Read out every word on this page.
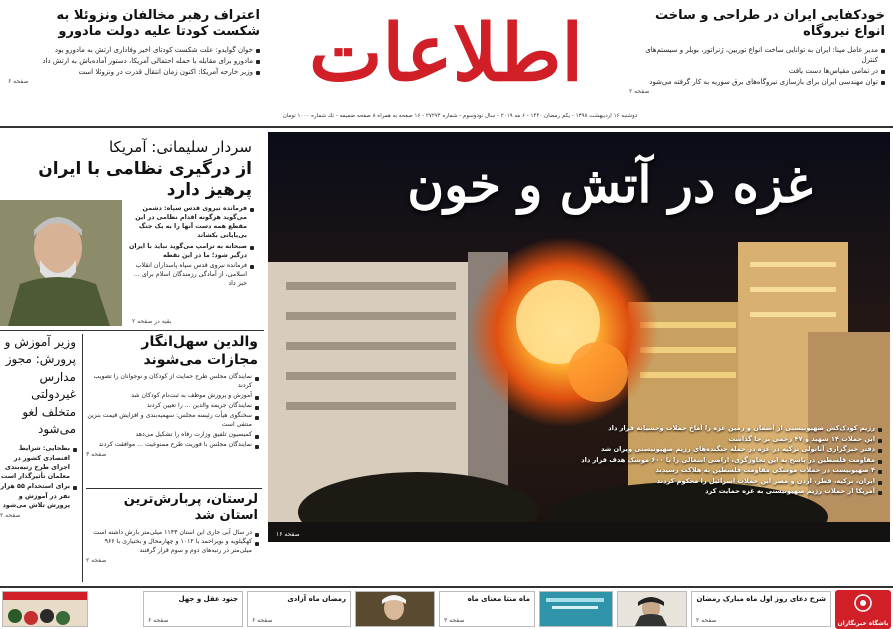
خودکفایی ایران در طراحی و ساخت انواع نیروگاه
مدیر عامل مپنا: ایران به توانایی ساخت انواع توربین، ژنراتور، بویلر و سیستم‌های کنترل
در تمامی مقیاس‌ها دست یافت
توان مهندسی ایران برای بازسازی نیروگاه‌های برق سوریه به کار گرفته می‌شود
صفحه ۲
اطلاعات
اعتراف رهبر مخالفان ونزوئلا به شکست کودتا علیه دولت مادورو
خوان گوایدو: علت شکست کودتای اخیر وفاداری ارتش به مادورو بود
مادورو برای مقابله با حمله احتمالی آمریکا، دستور آماده‌باش به ارتش داد
وزیر خارجه آمریکا: اکنون زمان انتقال قدرت در ونزوئلا است
صفحه ۶
دوشنبه ۱۶ اردیبهشت ۱۳۹۸ - یکم رمضان ۱۴۴۰ - ۶ مه ۲۰۱۹ - سال نودوسوم - شماره ۲۷۲۷۴ - ۱۶ صفحه به همراه ۸ صفحه ضمیمه - تك شماره ۱۰۰۰ تومان
غزه در آتش و خون
رژیم کودک‌کش صهیونیستی از آسمان و زمین غزه را آماج حملات وحشیانه قرار داد
این حملات ۱۴ شهید و ۴۷ زخمی بر جا گذاشت
دفتر خبرگزاری آناتولی ترکیه در غزه در حمله جنگنده‌های رژیم صهیونیستی ویران شد
مقاومت فلسطین در پاسخ به این تجاوزگری، اراضی اشغالی را با ۶۰۰ موشک هدف قرار داد
۴ صهیونیست در حملات موشکی مقاومت فلسطین به هلاکت رسیدند
ایران، ترکیه، قطر، اردن و مصر این حملات اسرائیل را محکوم کردند
آمریکا از حملات رژیم صهیونیستی به غزه حمایت کرد
صفحه ۱۶
سردار سلیمانی: آمریکا
از درگیری نظامی با ایران پرهیز دارد
فرمانده نیروی قدس سپاه: دشمن می‌گوید هرگونه اقدام نظامی در این مقطع همه دست آنها را به یک جنگ بی‌پایانی بکشاند
صبحانه به ترامپ می‌گوید نباید با ایران درگیر شود؛ ما در این نقطه
فرمانده نیروی قدس سپاه پاسداران انقلاب اسلامی، از آمادگی رزمندگان اسلام برای ... خبر داد
بقیه در صفحه ۲
وزیر آموزش و پرورش: مجوز مدارس غیردولتی متخلف لغو می‌شود
بطحایی: شرایط اقتصادی کشور در اجرای طرح رتبه‌بندی معلمان تأثیرگذار است
برای استخدام ۵۵ هزار نفر در آموزش و پرورش تلاش می‌شود
صفحه ۲
والدین سهل‌انگار مجازات می‌شوند
نمایندگان مجلس طرح حمایت از کودکان و نوجوانان را تصویب کردند
آموزش و پرورش موظف به ثبت‌نام کودکان شد
نمایندگان جریمه والدین ... را تعیین کردند
سخنگوی هیأت رئیسه مجلس: سهمیه‌بندی و افزایش قیمت بنزین منتفی است
کمیسیون تلفیق وزارت رفاه را تشکیل می‌دهد
نمایندگان مجلس با فوریت طرح ممنوعیت ... موافقت کردند
صفحه ۳
لرستان، پربارش‌ترین استان شد
در سال آبی جاری این استان ۱۱۴۳ میلی‌متر بارش داشته است
کهگیلویه و بویراحمد با ۱۰۱۲ و چهارمحال و بختیاری با ۹۶۶ میلی‌متر در رتبه‌های دوم و سوم قرار گرفتند
صفحه ۲
باشگاه خبرنگاران
شرح دعای روز اول ماه مبارک رمضان
صفحه ۲
ماه منتا معنای ماه
صفحه ۳
رمضان ماه آزادی
صفحه ۶
جنود عقل و جهل
صفحه ۶
